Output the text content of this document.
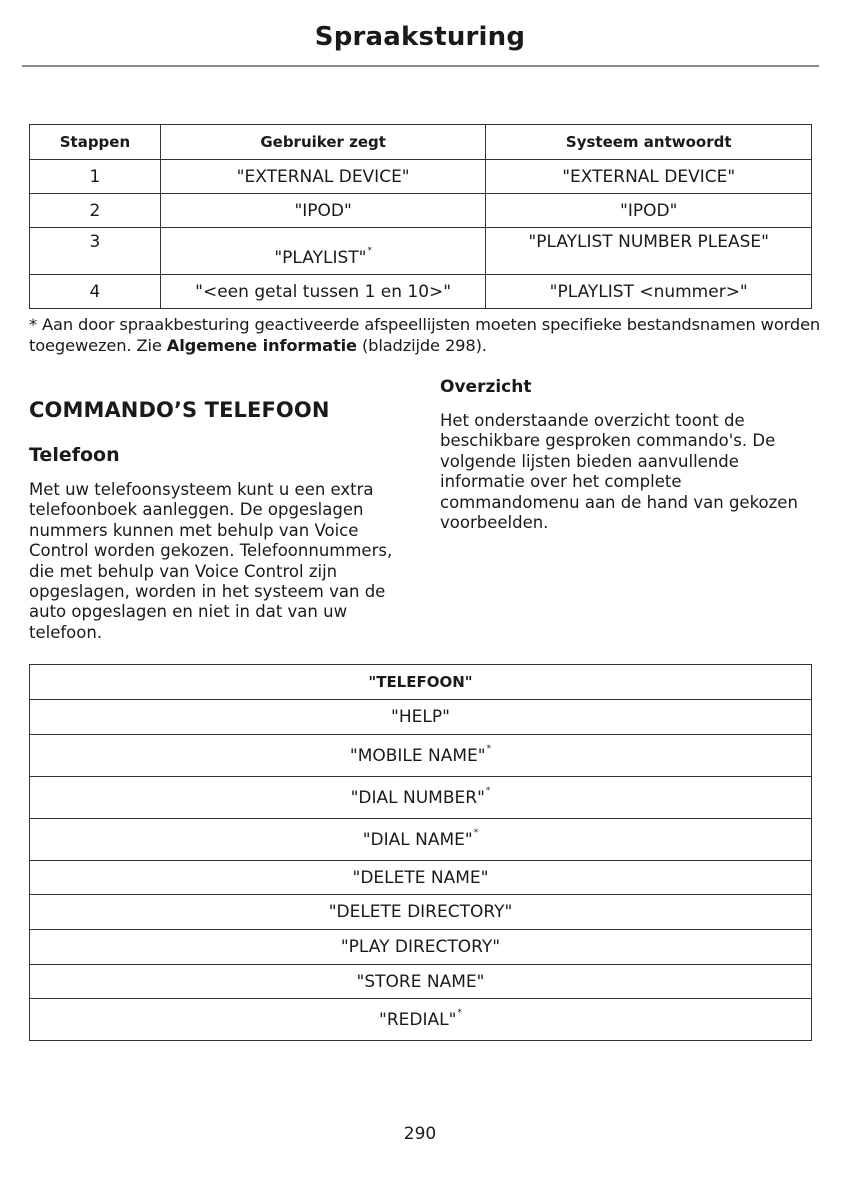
Spraaksturing
Stappen	Gebruiker zegt	Systeem antwoordt
1	"EXTERNAL DEVICE"	"EXTERNAL DEVICE"
2	"IPOD"	"IPOD"
3	"PLAYLIST"*	"PLAYLIST NUMBER PLEASE"
4	"<een getal tussen 1 en 10>"	"PLAYLIST <nummer>"
* Aan door spraakbesturing geactiveerde afspeellijsten moeten specifieke bestandsnamen worden toegewezen. Zie Algemene informatie (bladzijde 298).
COMMANDO’S TELEFOON
Telefoon

Met uw telefoonsysteem kunt u een extra telefoonboek aanleggen. De opgeslagen nummers kunnen met behulp van Voice Control worden gekozen. Telefoonnummers, die met behulp van Voice Control zijn opgeslagen, worden in het systeem van de auto opgeslagen en niet in dat van uw telefoon.

Overzicht

Het onderstaande overzicht toont de beschikbare gesproken commando's. De volgende lijsten bieden aanvullende informatie over het complete commandomenu aan de hand van gekozen voorbeelden.

"TELEFOON"
"HELP"
"MOBILE NAME"*
"DIAL NUMBER"*
"DIAL NAME"*
"DELETE NAME"
"DELETE DIRECTORY"
"PLAY DIRECTORY"
"STORE NAME"
"REDIAL"*
290
